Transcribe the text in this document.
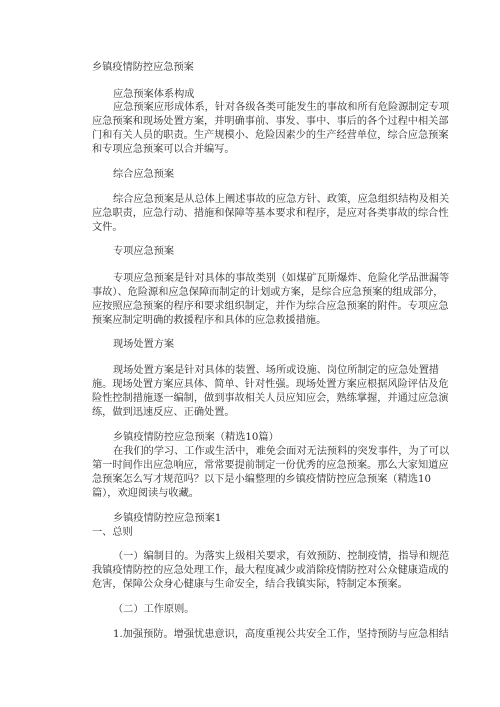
乡镇疫情防控应急预案
应急预案体系构成
应急预案应形成体系，针对各级各类可能发生的事故和所有危险源制定专项
应急预案和现场处置方案，并明确事前、事发、事中、事后的各个过程中相关部
门和有关人员的职责。生产规模小、危险因素少的生产经营单位，综合应急预案
和专项应急预案可以合并编写。
综合应急预案
综合应急预案是从总体上阐述事故的应急方针、政策，应急组织结构及相关
应急职责，应急行动、措施和保障等基本要求和程序，是应对各类事故的综合性
文件。
专项应急预案
专项应急预案是针对具体的事故类别（如煤矿瓦斯爆炸、危险化学品泄漏等
事故）、危险源和应急保障而制定的计划或方案，是综合应急预案的组成部分，
应按照应急预案的程序和要求组织制定，并作为综合应急预案的附件。专项应急
预案应制定明确的救援程序和具体的应急救援措施。
现场处置方案
现场处置方案是针对具体的装置、场所或设施、岗位所制定的应急处置措
施。现场处置方案应具体、简单、针对性强。现场处置方案应根据风险评估及危
险性控制措施逐一编制，做到事故相关人员应知应会，熟练掌握，并通过应急演
练，做到迅速反应、正确处置。
乡镇疫情防控应急预案（精选10篇）
在我们的学习、工作或生活中，难免会面对无法预料的突发事件，为了可以
第一时间作出应急响应，常常要提前制定一份优秀的应急预案。那么大家知道应
急预案怎么写才规范吗？以下是小编整理的乡镇疫情防控应急预案（精选10
篇），欢迎阅读与收藏。
乡镇疫情防控应急预案1
一、总则
（一）编制目的。为落实上级相关要求，有效预防、控制疫情，指导和规范
我镇疫情防控的应急处理工作，最大程度减少或消除疫情防控对公众健康造成的
危害，保障公众身心健康与生命安全，结合我镇实际，特制定本预案。
（二）工作原则。
1.加强预防。增强忧患意识，高度重视公共安全工作，坚持预防与应急相结
